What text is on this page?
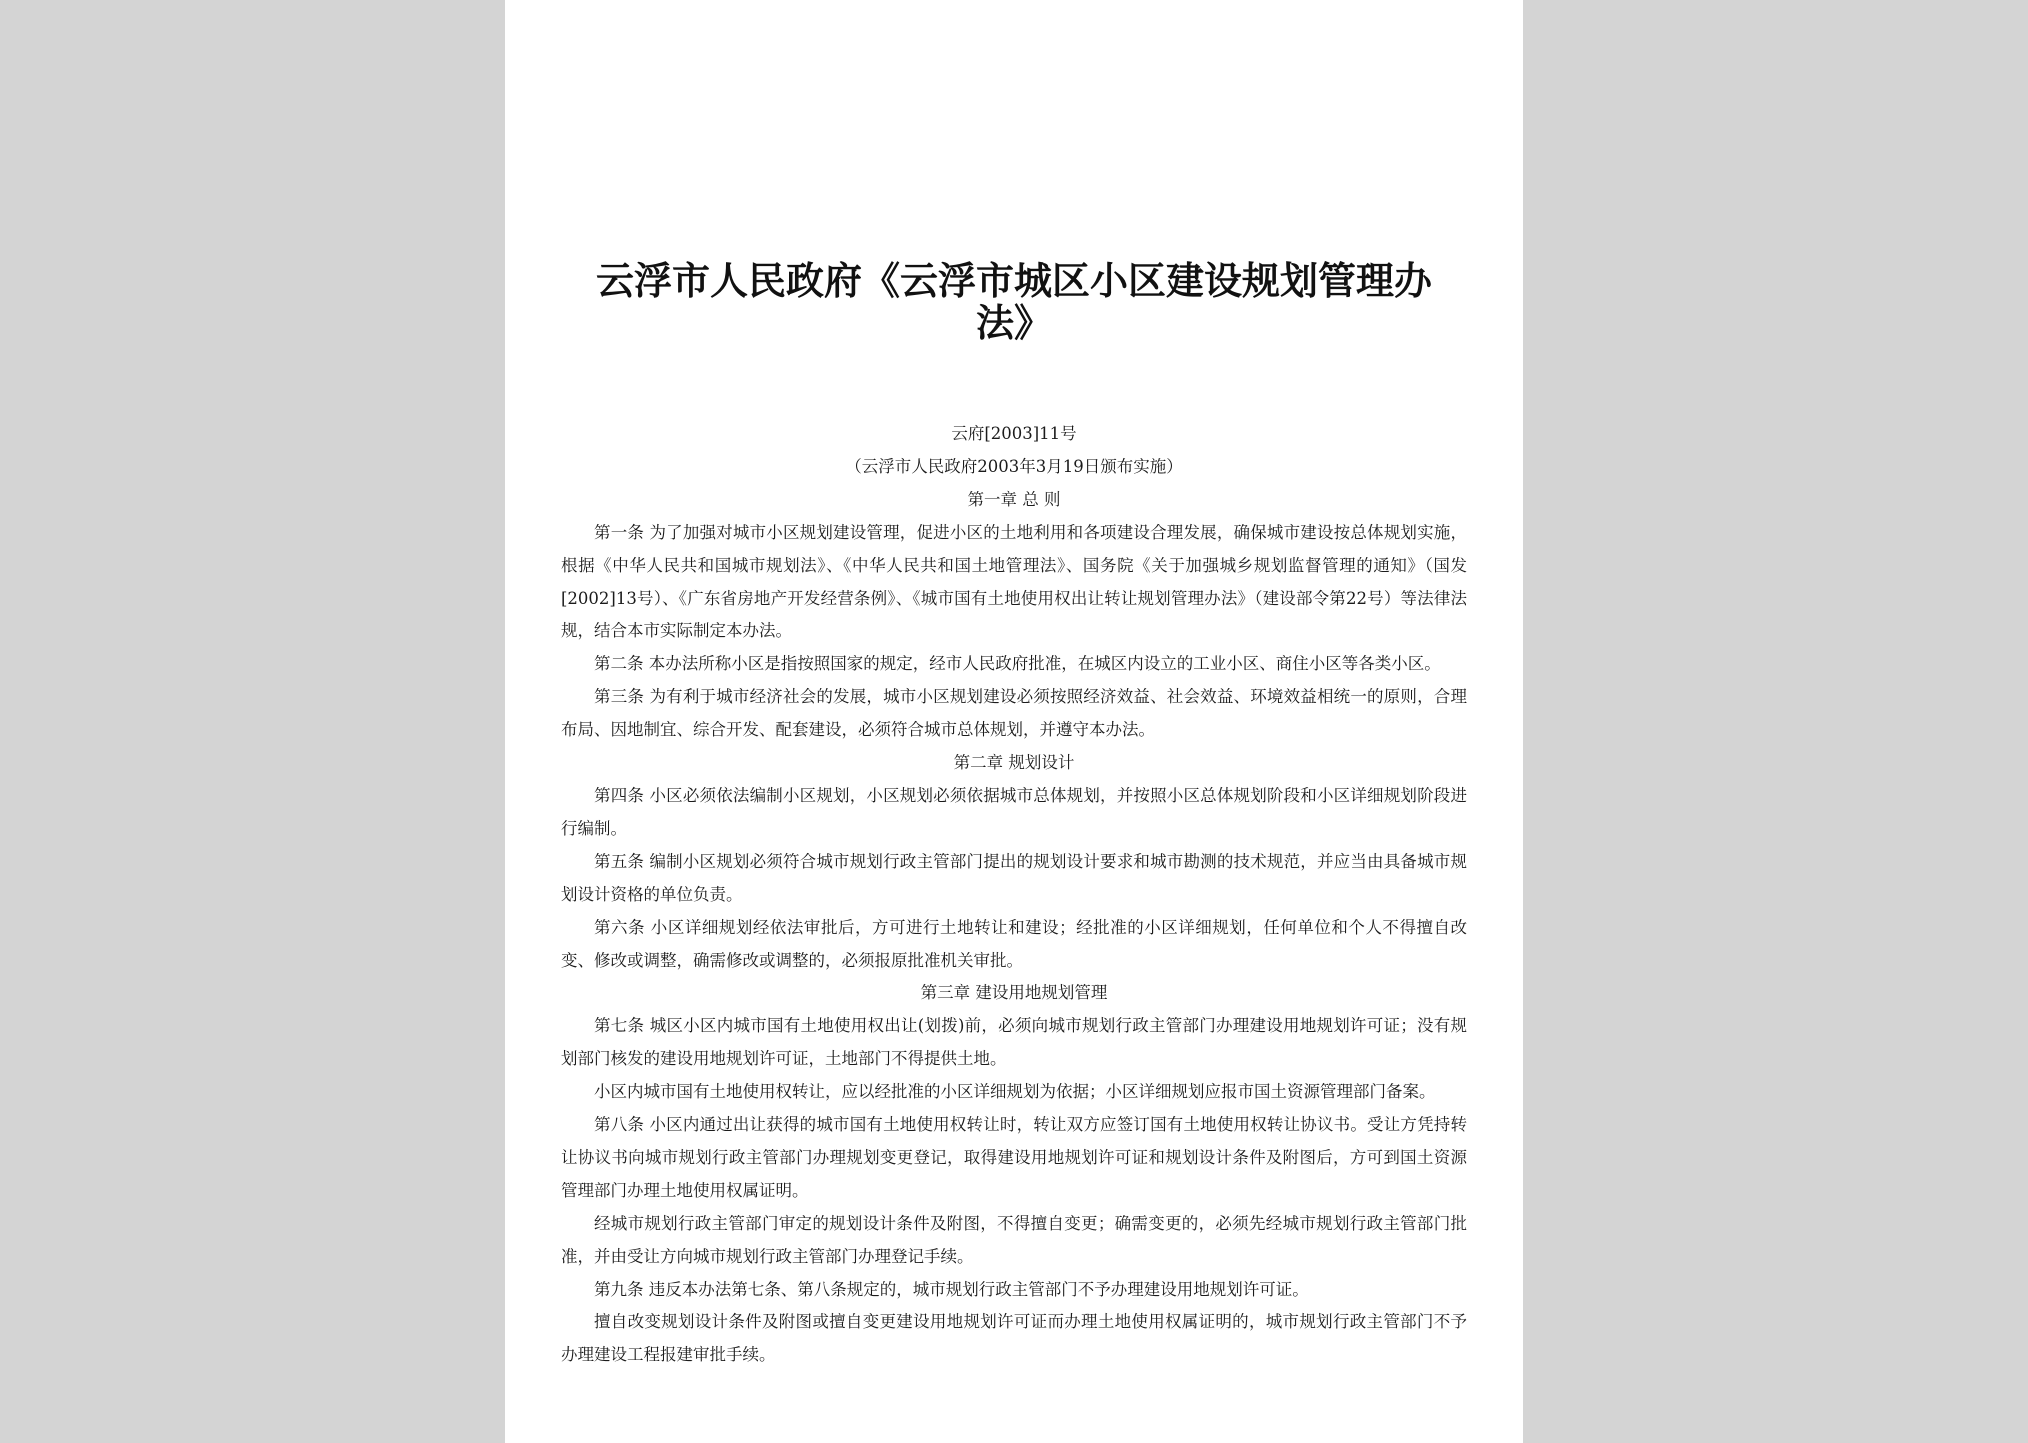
云浮市人民政府《云浮市城区小区建设规划管理办法》

云府[2003]11号

（云浮市人民政府2003年3月19日颁布实施）

第一章 总 则

第一条 为了加强对城市小区规划建设管理，促进小区的土地利用和各项建设合理发展，确保城市建设按总体规划实施，根据《中华人民共和国城市规划法》、《中华人民共和国土地管理法》、国务院《关于加强城乡规划监督管理的通知》（国发[2002]13号）、《广东省房地产开发经营条例》、《城市国有土地使用权出让转让规划管理办法》（建设部令第22号）等法律法规，结合本市实际制定本办法。

第二条 本办法所称小区是指按照国家的规定，经市人民政府批准，在城区内设立的工业小区、商住小区等各类小区。

第三条 为有利于城市经济社会的发展，城市小区规划建设必须按照经济效益、社会效益、环境效益相统一的原则，合理布局、因地制宜、综合开发、配套建设，必须符合城市总体规划，并遵守本办法。

第二章 规划设计

第四条 小区必须依法编制小区规划，小区规划必须依据城市总体规划，并按照小区总体规划阶段和小区详细规划阶段进行编制。

第五条 编制小区规划必须符合城市规划行政主管部门提出的规划设计要求和城市勘测的技术规范，并应当由具备城市规划设计资格的单位负责。

第六条 小区详细规划经依法审批后，方可进行土地转让和建设；经批准的小区详细规划，任何单位和个人不得擅自改变、修改或调整，确需修改或调整的，必须报原批准机关审批。

第三章 建设用地规划管理

第七条 城区小区内城市国有土地使用权出让(划拨)前，必须向城市规划行政主管部门办理建设用地规划许可证；没有规划部门核发的建设用地规划许可证，土地部门不得提供土地。

小区内城市国有土地使用权转让，应以经批准的小区详细规划为依据；小区详细规划应报市国土资源管理部门备案。

第八条 小区内通过出让获得的城市国有土地使用权转让时，转让双方应签订国有土地使用权转让协议书。受让方凭持转让协议书向城市规划行政主管部门办理规划变更登记，取得建设用地规划许可证和规划设计条件及附图后，方可到国土资源管理部门办理土地使用权属证明。

经城市规划行政主管部门审定的规划设计条件及附图，不得擅自变更；确需变更的，必须先经城市规划行政主管部门批准，并由受让方向城市规划行政主管部门办理登记手续。

第九条 违反本办法第七条、第八条规定的，城市规划行政主管部门不予办理建设用地规划许可证。

擅自改变规划设计条件及附图或擅自变更建设用地规划许可证而办理土地使用权属证明的，城市规划行政主管部门不予办理建设工程报建审批手续。
